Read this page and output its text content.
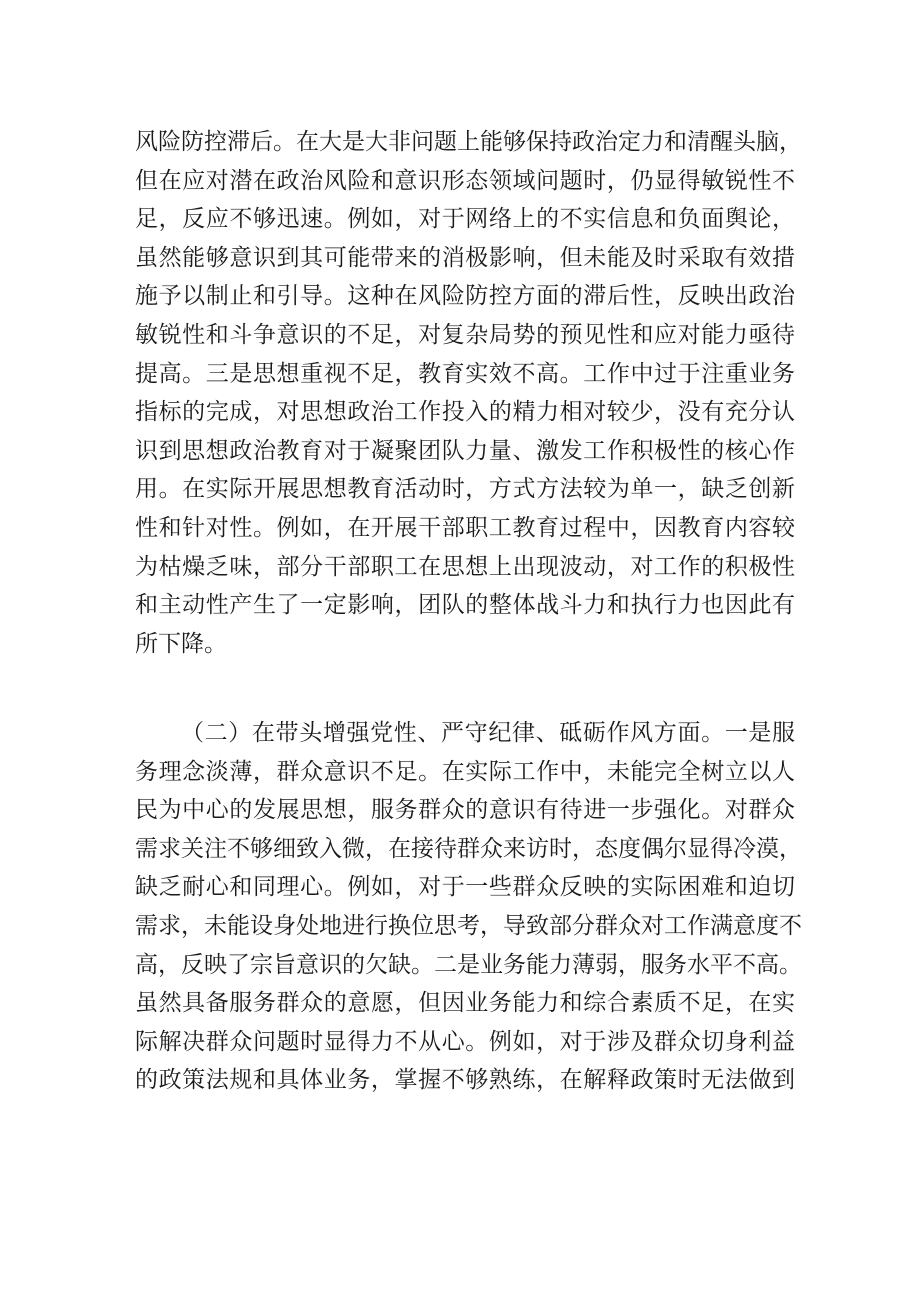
风险防控滞后。在大是大非问题上能够保持政治定力和清醒头脑，
但在应对潜在政治风险和意识形态领域问题时，仍显得敏锐性不
足，反应不够迅速。例如，对于网络上的不实信息和负面舆论，
虽然能够意识到其可能带来的消极影响，但未能及时采取有效措
施予以制止和引导。这种在风险防控方面的滞后性，反映出政治
敏锐性和斗争意识的不足，对复杂局势的预见性和应对能力亟待
提高。三是思想重视不足，教育实效不高。工作中过于注重业务
指标的完成，对思想政治工作投入的精力相对较少，没有充分认
识到思想政治教育对于凝聚团队力量、激发工作积极性的核心作
用。在实际开展思想教育活动时，方式方法较为单一，缺乏创新
性和针对性。例如，在开展干部职工教育过程中，因教育内容较
为枯燥乏味，部分干部职工在思想上出现波动，对工作的积极性
和主动性产生了一定影响，团队的整体战斗力和执行力也因此有
所下降。
（二）在带头增强党性、严守纪律、砥砺作风方面。一是服
务理念淡薄，群众意识不足。在实际工作中，未能完全树立以人
民为中心的发展思想，服务群众的意识有待进一步强化。对群众
需求关注不够细致入微，在接待群众来访时，态度偶尔显得冷漠，
缺乏耐心和同理心。例如，对于一些群众反映的实际困难和迫切
需求，未能设身处地进行换位思考，导致部分群众对工作满意度不
高，反映了宗旨意识的欠缺。二是业务能力薄弱，服务水平不高。
虽然具备服务群众的意愿，但因业务能力和综合素质不足，在实
际解决群众问题时显得力不从心。例如，对于涉及群众切身利益
的政策法规和具体业务，掌握不够熟练，在解释政策时无法做到
